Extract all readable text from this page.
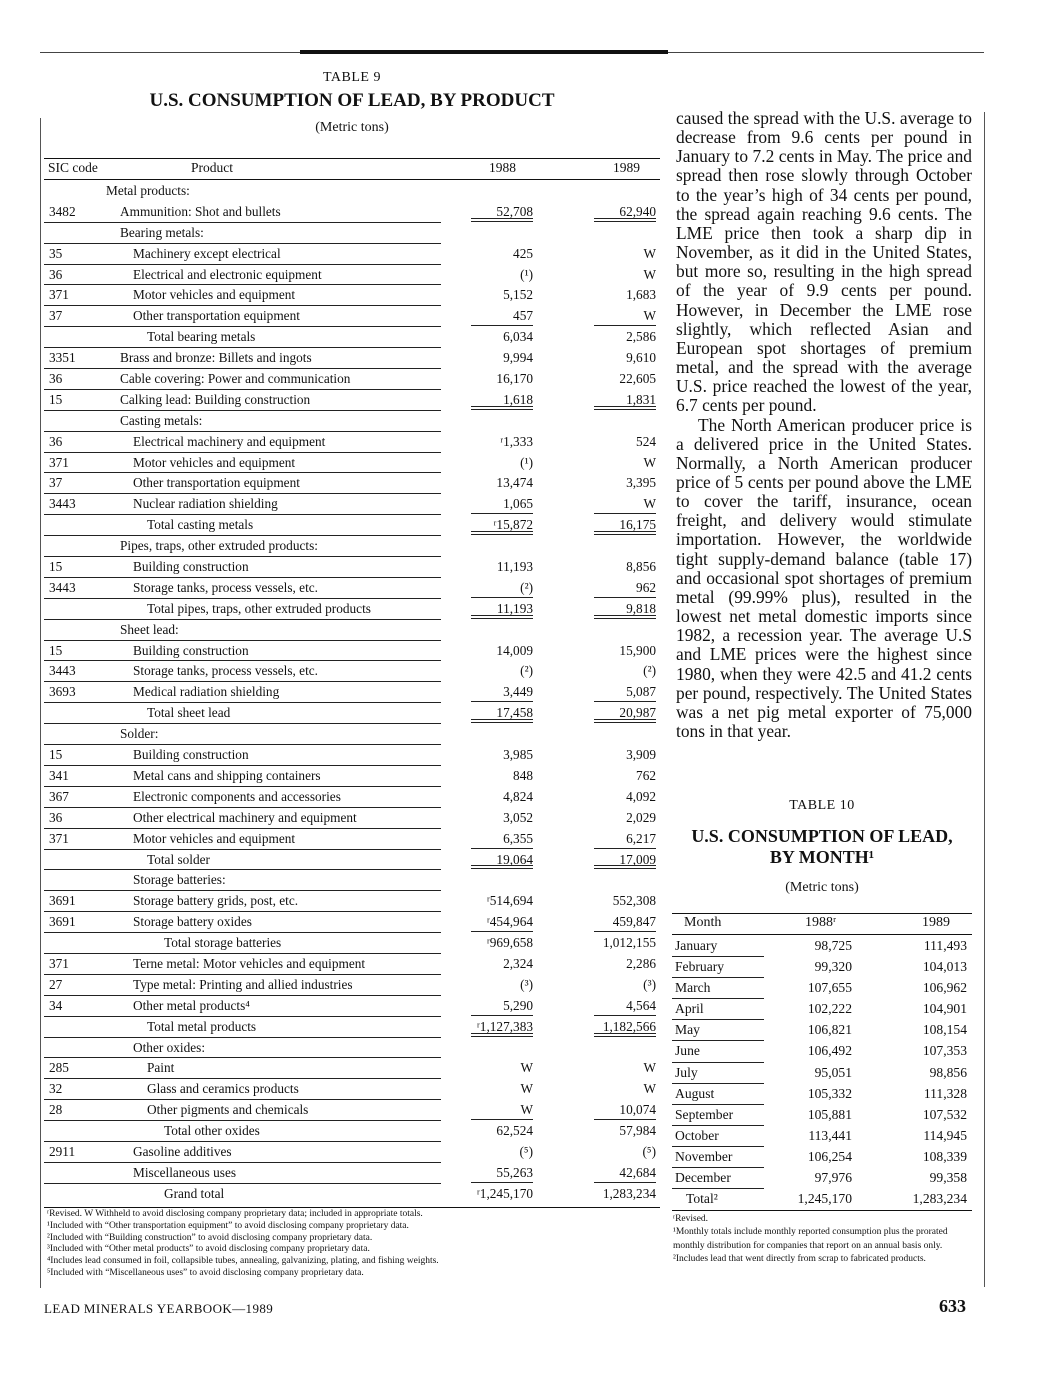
TABLE 9
U.S. CONSUMPTION OF LEAD, BY PRODUCT
(Metric tons)
SIC code	Product	1988	1989
Metal products:
3482	Ammunition: Shot and bullets	52,708	62,940
Bearing metals:
35	Machinery except electrical	425	W
36	Electrical and electronic equipment	(¹)	W
371	Motor vehicles and equipment	5,152	1,683
37	Other transportation equipment	457	W
Total bearing metals	6,034	2,586
3351	Brass and bronze: Billets and ingots	9,994	9,610
36	Cable covering: Power and communication	16,170	22,605
15	Calking lead: Building construction	1,618	1,831
Casting metals:
36	Electrical machinery and equipment	ʳ1,333	524
371	Motor vehicles and equipment	(¹)	W
37	Other transportation equipment	13,474	3,395
3443	Nuclear radiation shielding	1,065	W
Total casting metals	ʳ15,872	16,175
Pipes, traps, other extruded products:
15	Building construction	11,193	8,856
3443	Storage tanks, process vessels, etc.	(²)	962
Total pipes, traps, other extruded products	11,193	9,818
Sheet lead:
15	Building construction	14,009	15,900
3443	Storage tanks, process vessels, etc.	(²)	(²)
3693	Medical radiation shielding	3,449	5,087
Total sheet lead	17,458	20,987
Solder:
15	Building construction	3,985	3,909
341	Metal cans and shipping containers	848	762
367	Electronic components and accessories	4,824	4,092
36	Other electrical machinery and equipment	3,052	2,029
371	Motor vehicles and equipment	6,355	6,217
Total solder	19,064	17,009
Storage batteries:
3691	Storage battery grids, post, etc.	ʳ514,694	552,308
3691	Storage battery oxides	ʳ454,964	459,847
Total storage batteries	ʳ969,658	1,012,155
371	Terne metal: Motor vehicles and equipment	2,324	2,286
27	Type metal: Printing and allied industries	(³)	(³)
34	Other metal products⁴	5,290	4,564
Total metal products	ʳ1,127,383	1,182,566
Other oxides:
285	Paint	W	W
32	Glass and ceramics products	W	W
28	Other pigments and chemicals	W	10,074
Total other oxides	62,524	57,984
2911	Gasoline additives	(⁵)	(⁵)
Miscellaneous uses	55,263	42,684
Grand total	ʳ1,245,170	1,283,234
ʳRevised. W Withheld to avoid disclosing company proprietary data; included in appropriate totals.
¹Included with “Other transportation equipment” to avoid disclosing company proprietary data.
²Included with “Building construction” to avoid disclosing company proprietary data.
³Included with “Other metal products” to avoid disclosing company proprietary data.
⁴Includes lead consumed in foil, collapsible tubes, annealing, galvanizing, plating, and fishing weights.
⁵Included with “Miscellaneous uses” to avoid disclosing company proprietary data.

caused the spread with the U.S. average to decrease from 9.6 cents per pound in January to 7.2 cents in May. The price and spread then rose slowly through October to the year’s high of 34 cents per pound, the spread again reaching 9.6 cents. The LME price then took a sharp dip in November, as it did in the United States, but more so, resulting in the high spread of the year of 9.9 cents per pound. However, in December the LME rose slightly, which reflected Asian and European spot shortages of premium metal, and the spread with the average U.S. price reached the lowest of the year, 6.7 cents per pound.

The North American producer price is a delivered price in the United States. Normally, a North American producer price of 5 cents per pound above the LME to cover the tariff, insurance, ocean freight, and delivery would stimulate importation. However, the worldwide tight supply-demand balance (table 17) and occasional spot shortages of premium metal (99.99% plus), resulted in the lowest net metal domestic imports since 1982, a recession year. The average U.S and LME prices were the highest since 1980, when they were 42.5 and 41.2 cents per pound, respectively. The United States was a net pig metal exporter of 75,000 tons in that year.

TABLE 10
U.S. CONSUMPTION OF LEAD,
BY MONTH¹
(Metric tons)
Month	1988ʳ	1989
January	98,725	111,493
February	99,320	104,013
March	107,655	106,962
April	102,222	104,901
May	106,821	108,154
June	106,492	107,353
July	95,051	98,856
August	105,332	111,328
September	105,881	107,532
October	113,441	114,945
November	106,254	108,339
December	97,976	99,358
Total²	1,245,170	1,283,234
ʳRevised.
¹Monthly totals include monthly reported consumption plus the prorated monthly distribution for companies that report on an annual basis only.
²Includes lead that went directly from scrap to fabricated products.
LEAD MINERALS YEARBOOK—1989	633
